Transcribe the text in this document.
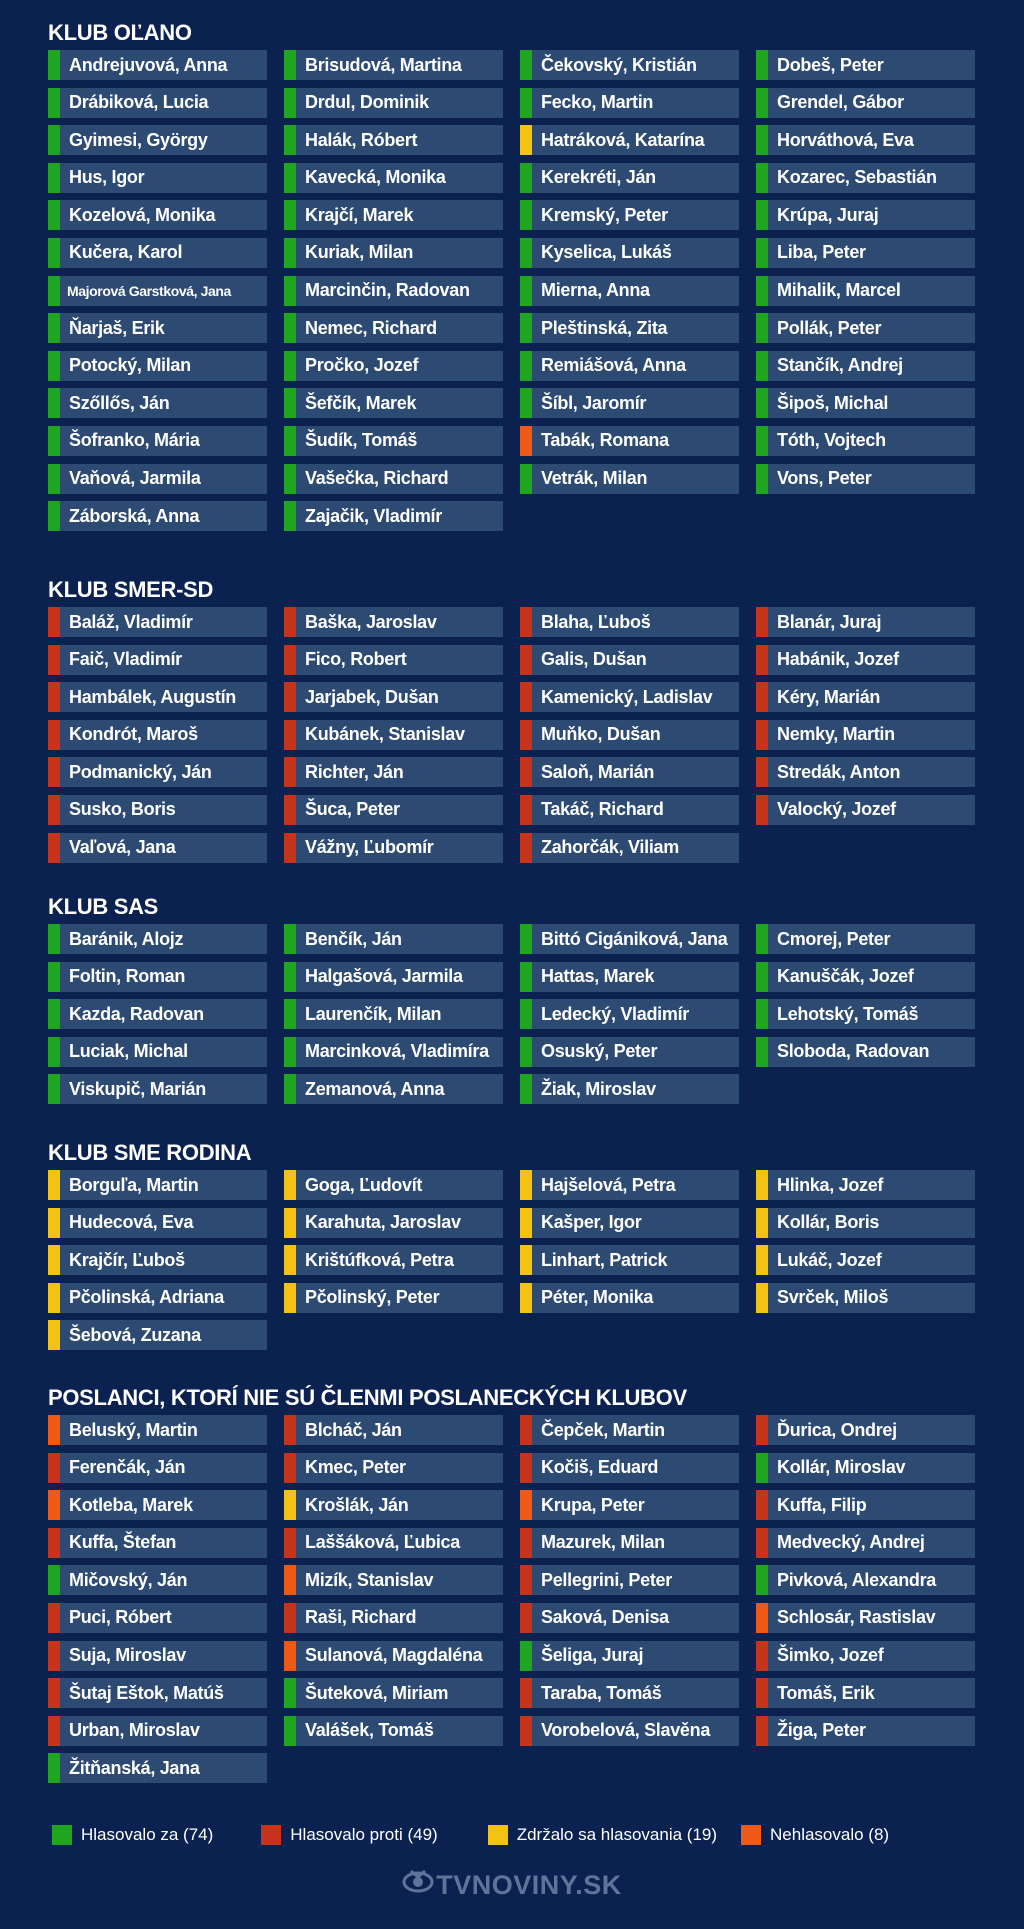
KLUB OĽANO
Andrejuvová, Anna	Brisudová, Martina	Čekovský, Kristián	Dobeš, Peter
Drábiková, Lucia	Drdul, Dominik	Fecko, Martin	Grendel, Gábor
Gyimesi, György	Halák, Róbert	Hatráková, Katarína	Horváthová, Eva
Hus, Igor	Kavecká, Monika	Kerekréti, Ján	Kozarec, Sebastián
Kozelová, Monika	Krajčí, Marek	Kremský, Peter	Krúpa, Juraj
Kučera, Karol	Kuriak, Milan	Kyselica, Lukáš	Liba, Peter
Majorová Garstková, Jana	Marcinčin, Radovan	Mierna, Anna	Mihalik, Marcel
Ňarjaš, Erik	Nemec, Richard	Pleštinská, Zita	Pollák, Peter
Potocký, Milan	Pročko, Jozef	Remiášová, Anna	Stančík, Andrej
Szőllős, Ján	Šefčík, Marek	Šíbl, Jaromír	Šipoš, Michal
Šofranko, Mária	Šudík, Tomáš	Tabák, Romana	Tóth, Vojtech
Vaňová, Jarmila	Vašečka, Richard	Vetrák, Milan	Vons, Peter
Záborská, Anna	Zajačik, Vladimír
KLUB SMER-SD
Baláž, Vladimír	Baška, Jaroslav	Blaha, Ľuboš	Blanár, Juraj
Faič, Vladimír	Fico, Robert	Galis, Dušan	Habánik, Jozef
Hambálek, Augustín	Jarjabek, Dušan	Kamenický, Ladislav	Kéry, Marián
Kondrót, Maroš	Kubánek, Stanislav	Muňko, Dušan	Nemky, Martin
Podmanický, Ján	Richter, Ján	Saloň, Marián	Stredák, Anton
Susko, Boris	Šuca, Peter	Takáč, Richard	Valocký, Jozef
Vaľová, Jana	Vážny, Ľubomír	Zahorčák, Viliam
KLUB SAS
Baránik, Alojz	Benčík, Ján	Bittó Cigániková, Jana	Cmorej, Peter
Foltin, Roman	Halgašová, Jarmila	Hattas, Marek	Kanuščák, Jozef
Kazda, Radovan	Laurenčík, Milan	Ledecký, Vladimír	Lehotský, Tomáš
Luciak, Michal	Marcinková, Vladimíra	Osuský, Peter	Sloboda, Radovan
Viskupič, Marián	Zemanová, Anna	Žiak, Miroslav
KLUB SME RODINA
Borguľa, Martin	Goga, Ľudovít	Hajšelová, Petra	Hlinka, Jozef
Hudecová, Eva	Karahuta, Jaroslav	Kašper, Igor	Kollár, Boris
Krajčír, Ľuboš	Krištúfková, Petra	Linhart, Patrick	Lukáč, Jozef
Pčolinská, Adriana	Pčolinský, Peter	Péter, Monika	Svrček, Miloš
Šebová, Zuzana
POSLANCI, KTORÍ NIE SÚ ČLENMI POSLANECKÝCH KLUBOV
Beluský, Martin	Blcháč, Ján	Čepček, Martin	Ďurica, Ondrej
Ferenčák, Ján	Kmec, Peter	Kočiš, Eduard	Kollár, Miroslav
Kotleba, Marek	Krošlák, Ján	Krupa, Peter	Kuffa, Filip
Kuffa, Štefan	Laššáková, Ľubica	Mazurek, Milan	Medvecký, Andrej
Mičovský, Ján	Mizík, Stanislav	Pellegrini, Peter	Pivková, Alexandra
Puci, Róbert	Raši, Richard	Saková, Denisa	Schlosár, Rastislav
Suja, Miroslav	Sulanová, Magdaléna	Šeliga, Juraj	Šimko, Jozef
Šutaj Eštok, Matúš	Šuteková, Miriam	Taraba, Tomáš	Tomáš, Erik
Urban, Miroslav	Valášek, Tomáš	Vorobelová, Slavěna	Žiga, Peter
Žitňanská, Jana
Hlasovalo za (74)	Hlasovalo proti (49)	Zdržalo sa hlasovania (19)	Nehlasovalo (8)
TVNOVINY.SK
